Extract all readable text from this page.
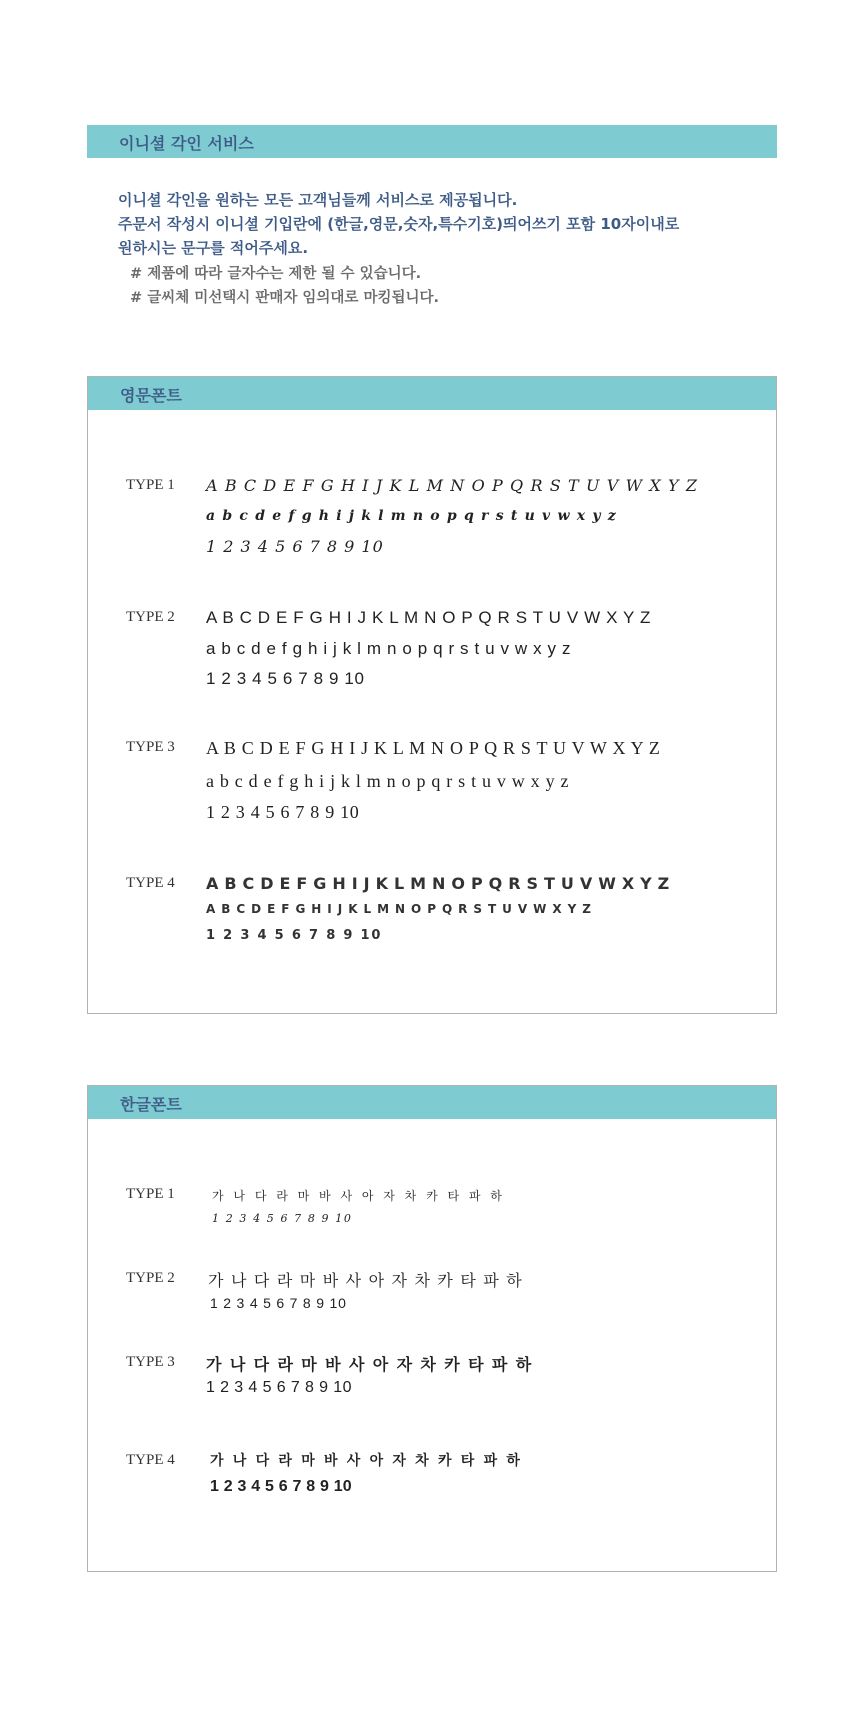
이니셜 각인 서비스
이니셜 각인을 원하는 모든 고객님들께 서비스로 제공됩니다.
주문서 작성시 이니셜 기입란에 (한글,영문,숫자,특수기호)띄어쓰기 포함 10자이내로
원하시는 문구를 적어주세요.
# 제품에 따라 글자수는 제한 될 수 있습니다.
# 글씨체 미선택시 판매자 임의대로 마킹됩니다.
영문폰트
TYPE 1 A B C D E F G H I J K L M N O P Q R S T U V W X Y Z
a b c d e f g h i j k l m n o p q r s t u v w x y z
1 2 3 4 5 6 7 8 9 10
TYPE 2 A B C D E F G H I J K L M N O P Q R S T U V W X Y Z
a b c d e f g h i j k l m n o p q r s t u v w x y z
1 2 3 4 5 6 7 8 9 10
TYPE 3 A B C D E F G H I J K L M N O P Q R S T U V W X Y Z
a b c d e f g h i j k l m n o p q r s t u v w x y z
1 2 3 4 5 6 7 8 9 10
TYPE 4 A B C D E F G H I J K L M N O P Q R S T U V W X Y Z
A B C D E F G H I J K L M N O P Q R S T U V W X Y Z
1 2 3 4 5 6 7 8 9 10
한글폰트
TYPE 1	가 나 다 라 마 바 사 아 자 차 카 타 파 하
1 2 3 4 5 6 7 8 9 10
TYPE 2 가 나 다 라 마 바 사 아 자 차 카 타 파 하
1 2 3 4 5 6 7 8 9 10
TYPE 3 가 나 다 라 마 바 사 아 자 차 카 타 파 하
1 2 3 4 5 6 7 8 9 10
TYPE 4	가 나 다 라 마 바 사 아 자 차 카 타 파 하
1 2 3 4 5 6 7 8 9 10
